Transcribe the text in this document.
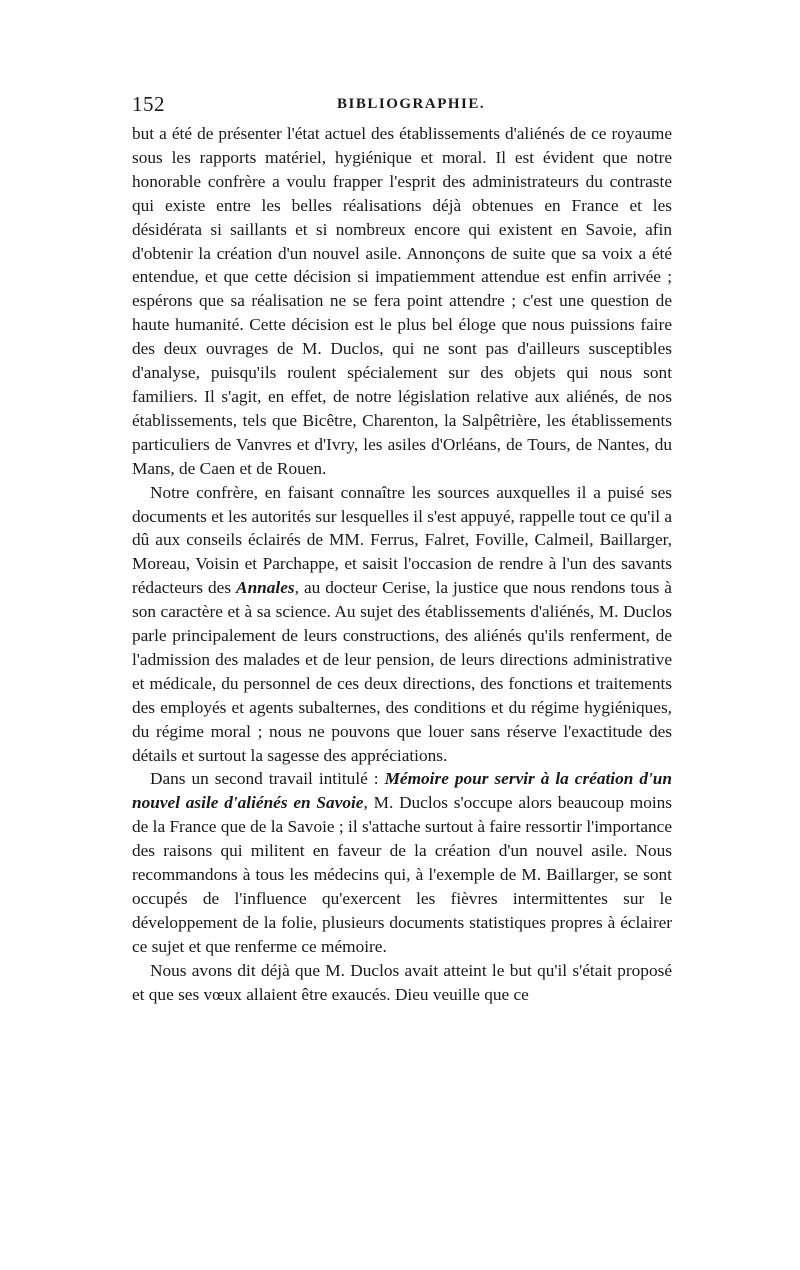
152	BIBLIOGRAPHIE.

but a été de présenter l'état actuel des établissements d'aliénés de ce royaume sous les rapports matériel, hygiénique et moral. Il est évident que notre honorable confrère a voulu frapper l'esprit des administrateurs du contraste qui existe entre les belles réalisations déjà obtenues en France et les désidérata si saillants et si nombreux encore qui existent en Savoie, afin d'obtenir la création d'un nouvel asile. Annonçons de suite que sa voix a été entendue, et que cette décision si impatiemment attendue est enfin arrivée ; espérons que sa réalisation ne se fera point attendre ; c'est une question de haute humanité. Cette décision est le plus bel éloge que nous puissions faire des deux ouvrages de M. Duclos, qui ne sont pas d'ailleurs susceptibles d'analyse, puisqu'ils roulent spécialement sur des objets qui nous sont familiers. Il s'agit, en effet, de notre législation relative aux aliénés, de nos établissements, tels que Bicêtre, Charenton, la Salpêtrière, les établissements particuliers de Vanvres et d'Ivry, les asiles d'Orléans, de Tours, de Nantes, du Mans, de Caen et de Rouen.

Notre confrère, en faisant connaître les sources auxquelles il a puisé ses documents et les autorités sur lesquelles il s'est appuyé, rappelle tout ce qu'il a dû aux conseils éclairés de MM. Ferrus, Falret, Foville, Calmeil, Baillarger, Moreau, Voisin et Parchappe, et saisit l'occasion de rendre à l'un des savants rédacteurs des Annales, au docteur Cerise, la justice que nous rendons tous à son caractère et à sa science. Au sujet des établissements d'aliénés, M. Duclos parle principalement de leurs constructions, des aliénés qu'ils renferment, de l'admission des malades et de leur pension, de leurs directions administrative et médicale, du personnel de ces deux directions, des fonctions et traitements des employés et agents subalternes, des conditions et du régime hygiéniques, du régime moral ; nous ne pouvons que louer sans réserve l'exactitude des détails et surtout la sagesse des appréciations.

Dans un second travail intitulé : Mémoire pour servir à la création d'un nouvel asile d'aliénés en Savoie, M. Duclos s'occupe alors beaucoup moins de la France que de la Savoie ; il s'attache surtout à faire ressortir l'importance des raisons qui militent en faveur de la création d'un nouvel asile. Nous recommandons à tous les médecins qui, à l'exemple de M. Baillarger, se sont occupés de l'influence qu'exercent les fièvres intermittentes sur le développement de la folie, plusieurs documents statistiques propres à éclairer ce sujet et que renferme ce mémoire.

Nous avons dit déjà que M. Duclos avait atteint le but qu'il s'était proposé et que ses vœux allaient être exaucés. Dieu veuille que ce
